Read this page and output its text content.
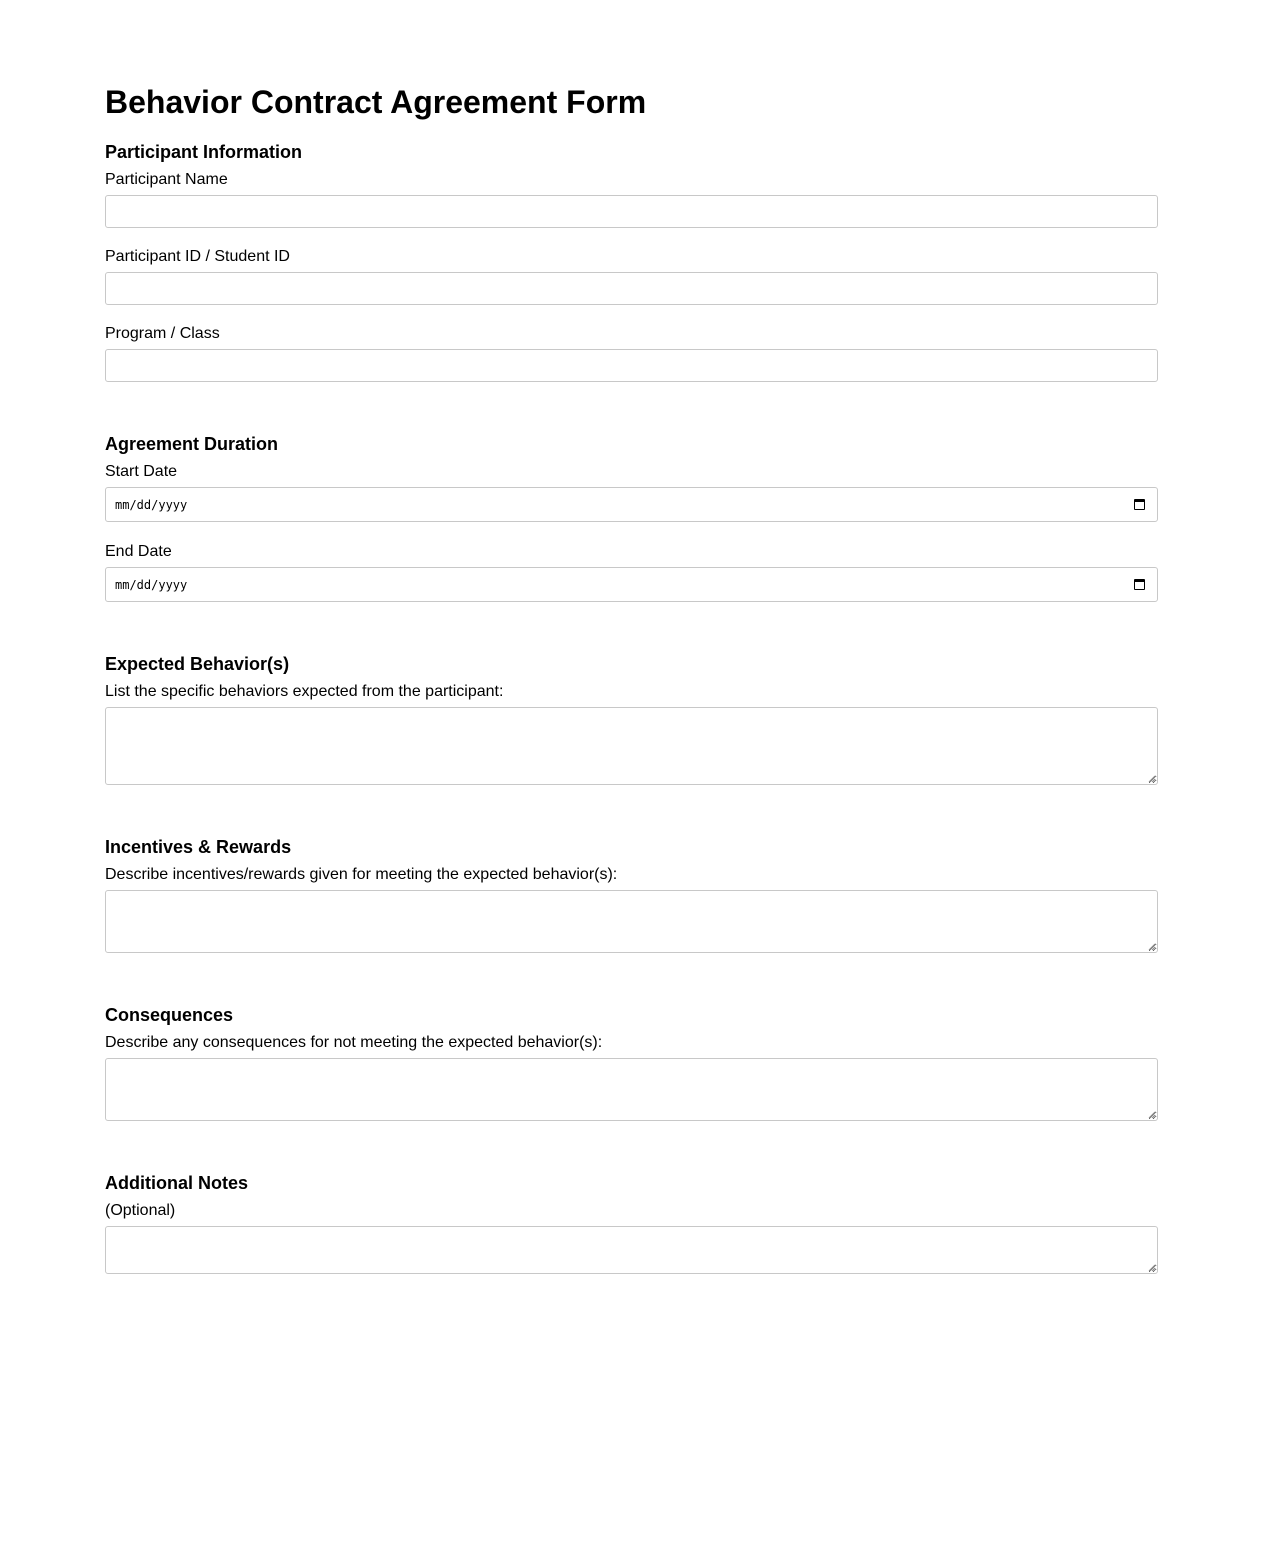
Behavior Contract Agreement Form
Participant Information
Participant Name
Participant ID / Student ID
Program / Class
Agreement Duration
Start Date
mm/dd/yyyy
End Date
mm/dd/yyyy
Expected Behavior(s)
List the specific behaviors expected from the participant:
Incentives & Rewards
Describe incentives/rewards given for meeting the expected behavior(s):
Consequences
Describe any consequences for not meeting the expected behavior(s):
Additional Notes
(Optional)
